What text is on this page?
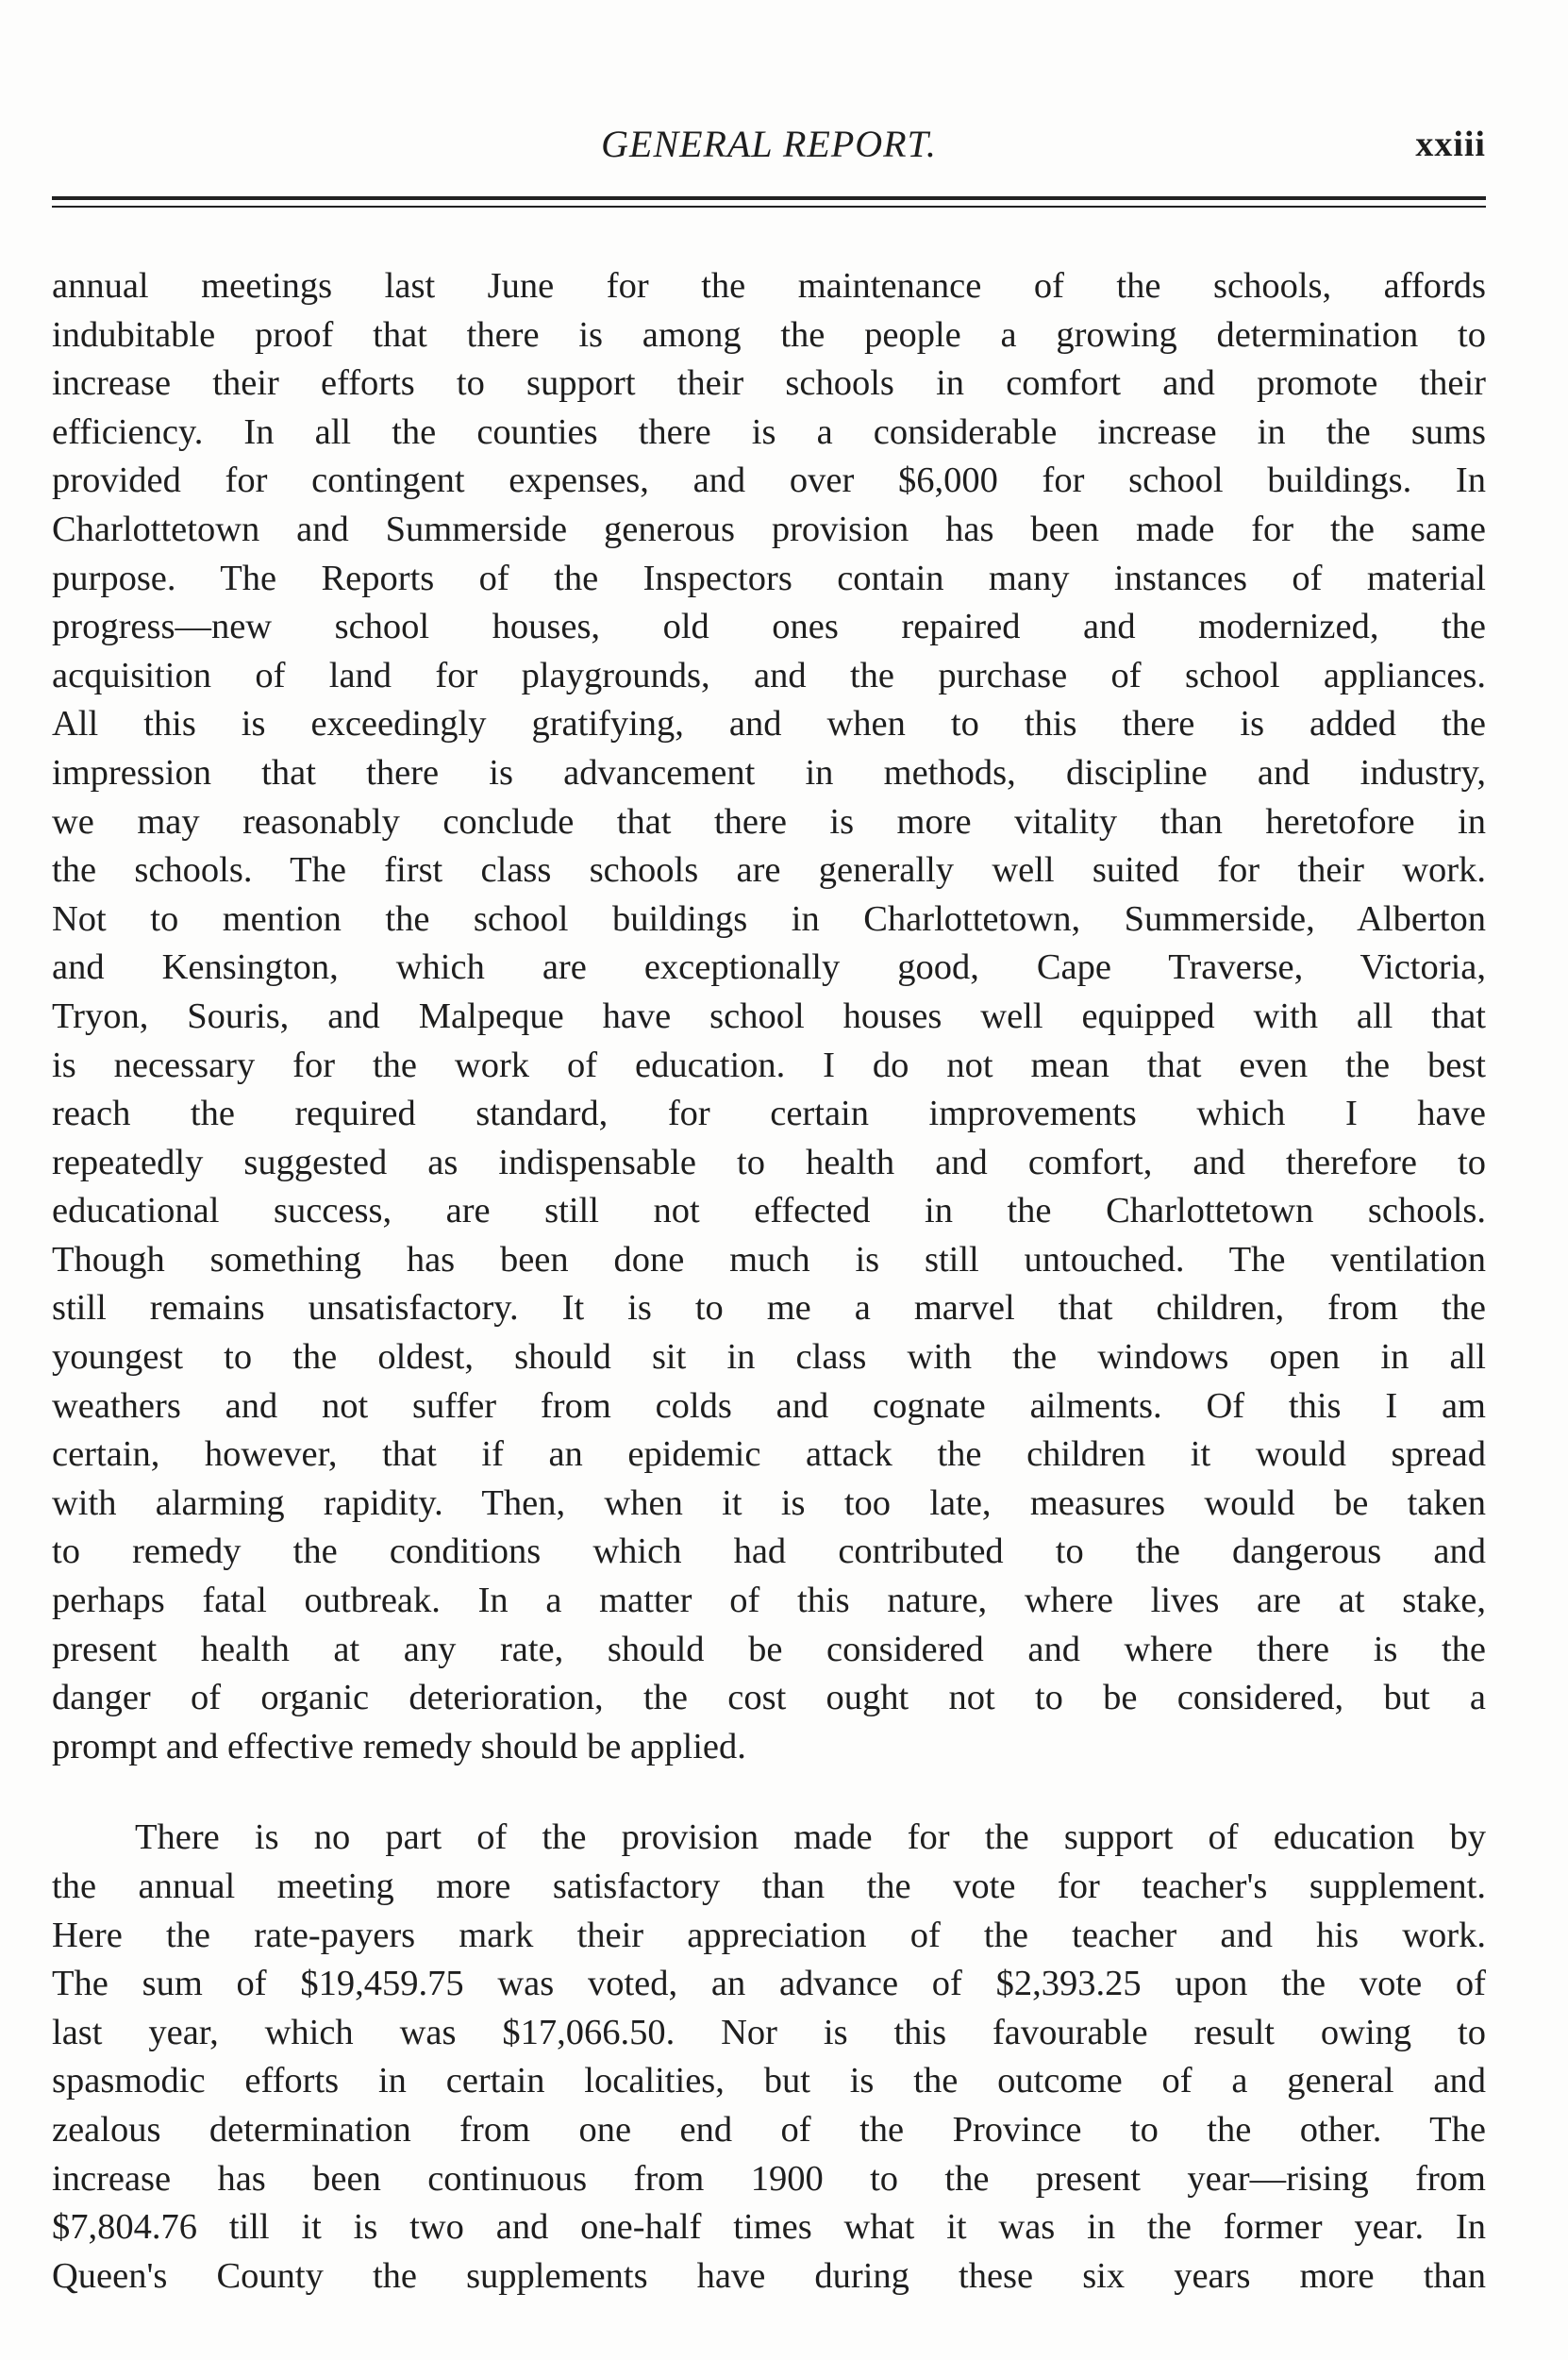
GENERAL REPORT.	xxiii
annual meetings last June for the maintenance of the schools, affords
indubitable proof that there is among the people a growing determination to
increase their efforts to support their schools in comfort and promote their
efficiency. In all the counties there is a considerable increase in the sums
provided for contingent expenses, and over $6,000 for school buildings. In
Charlottetown and Summerside generous provision has been made for the same
purpose. The Reports of the Inspectors contain many instances of material
progress—new school houses, old ones repaired and modernized, the
acquisition of land for playgrounds, and the purchase of school appliances.
All this is exceedingly gratifying, and when to this there is added the
impression that there is advancement in methods, discipline and industry,
we may reasonably conclude that there is more vitality than heretofore in
the schools. The first class schools are generally well suited for their work.
Not to mention the school buildings in Charlottetown, Summerside, Alberton
and Kensington, which are exceptionally good, Cape Traverse, Victoria,
Tryon, Souris, and Malpeque have school houses well equipped with all that
is necessary for the work of education. I do not mean that even the best
reach the required standard, for certain improvements which I have
repeatedly suggested as indispensable to health and comfort, and therefore to
educational success, are still not effected in the Charlottetown schools.
Though something has been done much is still untouched. The ventilation
still remains unsatisfactory. It is to me a marvel that children, from the
youngest to the oldest, should sit in class with the windows open in all
weathers and not suffer from colds and cognate ailments. Of this I am
certain, however, that if an epidemic attack the children it would spread
with alarming rapidity. Then, when it is too late, measures would be taken
to remedy the conditions which had contributed to the dangerous and
perhaps fatal outbreak. In a matter of this nature, where lives are at stake,
present health at any rate, should be considered and where there is the
danger of organic deterioration, the cost ought not to be considered, but a
prompt and effective remedy should be applied.
There is no part of the provision made for the support of education by
the annual meeting more satisfactory than the vote for teacher's supplement.
Here the rate-payers mark their appreciation of the teacher and his work.
The sum of $19,459.75 was voted, an advance of $2,393.25 upon the vote of
last year, which was $17,066.50. Nor is this favourable result owing to
spasmodic efforts in certain localities, but is the outcome of a general and
zealous determination from one end of the Province to the other. The
increase has been continuous from 1900 to the present year—rising from
$7,804.76 till it is two and one-half times what it was in the former year. In
Queen's County the supplements have during these six years more than
